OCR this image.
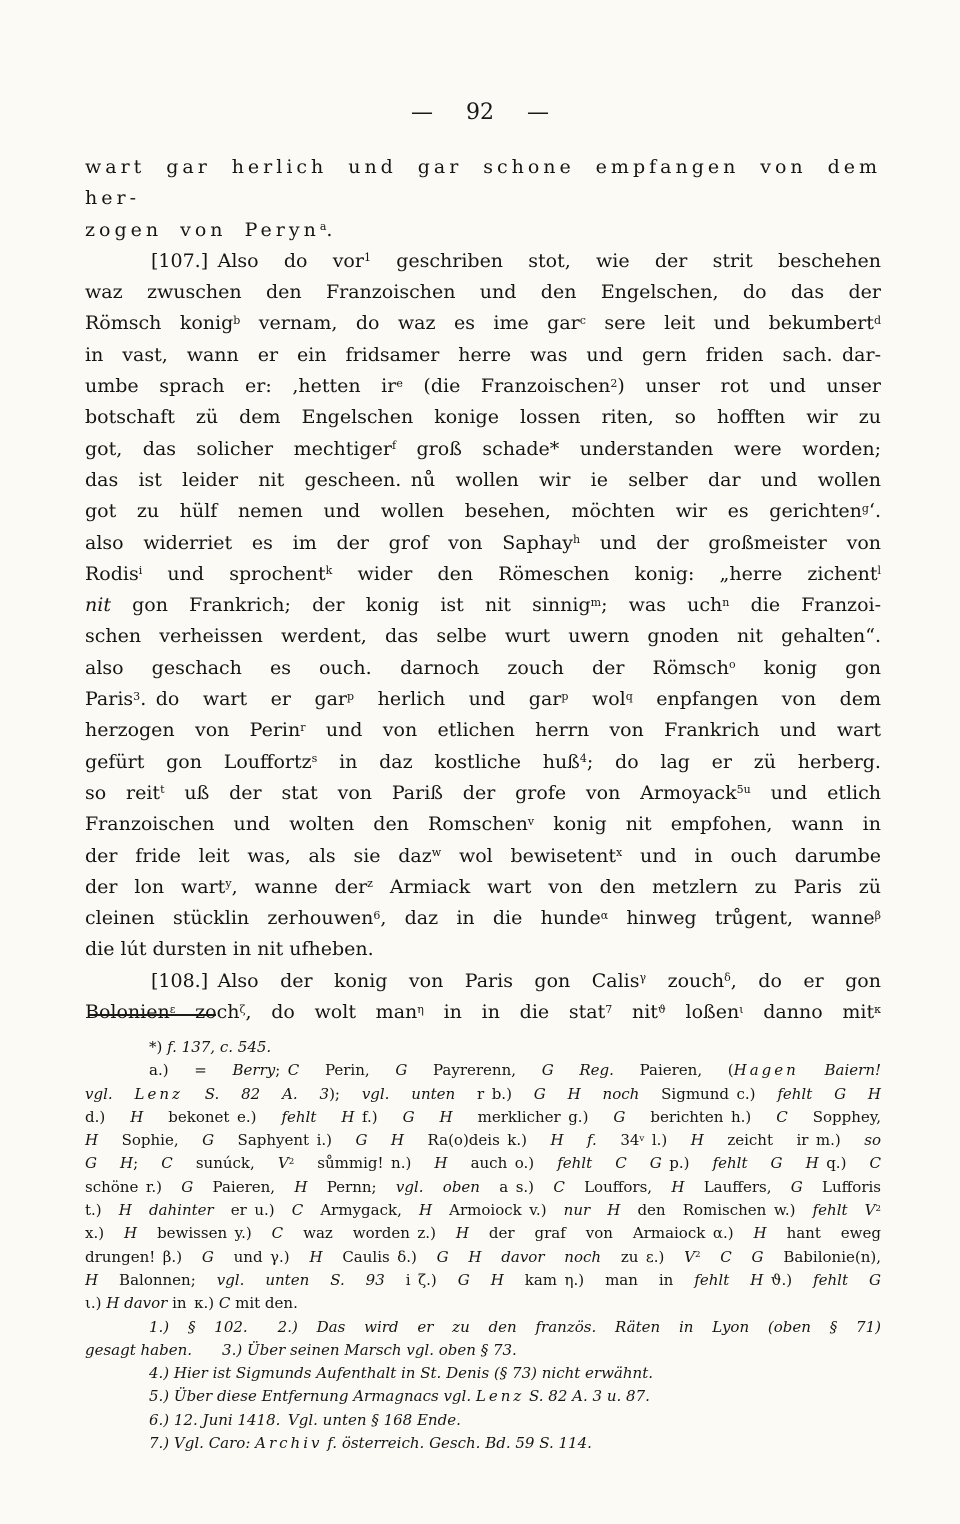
— 92 —
wart gar herlich und gar schone empfangen von dem her-
zogen von Peryn$^a$.
[107.] Also do vor$^1$ geschriben stot, wie der strit beschehen
waz zwuschen den Franzoischen und den Engelschen, do das der
Römsch konig$^b$ vernam, do waz es ime gar$^c$ sere leit und bekumbert$^d$
in vast, wann er ein fridsamer herre was und gern friden sach. dar-
umbe sprach er: ‚hetten $ir^e$ (die Franzoischen$^2$) unser rot und unser
botschaft zü dem Engelschen konige lossen riten, so hofften wir zu
got, das solicher mechtiger$^f$ groß schade* understanden were worden;
das ist leider nit gescheen. nů wollen wir ie selber dar und wollen
got zu hülf nemen und wollen besehen, möchten wir es gerichten$^g$‘.
also widerriet es im der grof von Saphay$^h$ und der großmeister von
Rodis$^i$ und sprochent$^k$ wider den Römeschen konig: „herre zichent$^l$
nit gon Frankrich; der konig ist nit sinnig$^m$; was uch$^n$ die Franzoi-
schen verheissen werdent, das selbe wurt uwern gnoden nit gehalten“.
also geschach es ouch.  darnoch zouch der Römsch$^o$ konig gon
Paris$^3$. do wart er gar$^p$ herlich und gar$^p$ wol$^q$ enpfangen von dem
herzogen von Perin$^r$ und von etlichen herrn von Frankrich und wart
gefürt gon Louffortz$^s$ in daz kostliche huß$^4$; do lag er zü herberg.
so reit$^t$ uß der stat von Pariß der grofe von Armoyack$^{5u}$ und etlich
Franzoischen und wolten den Romschen$^v$ konig nit empfohen, wann in
der fride leit was, als sie daz$^w$ wol bewisetent$^x$ und in ouch darumbe
der lon wart$^y$, wanne der$^z$ Armiack wart von den metzlern zu Paris zü
cleinen stücklin zerhouwen$^6$, daz in die hunde$^\alpha$ hinweg trůgent, wanne$^\beta$
die lút dursten in nit ufheben.
[108.] Also der konig von Paris gon Calis$^\gamma$ zouch$^\delta$, do er gon
Bolonien$^\varepsilon$ zoch$^\zeta$, do wolt man$^\eta$ in in die stat$^7$ nit$^ϑ$ loßen$^\iota$ danno mit$^\kappa$
*) f. 137, c. 545.
a.) = Berry; C Perin, G Payrerenn, G Reg. Paieren, (Hagen Baiern!
vgl. Lenz S. 82 A. 3); vgl. unten r b.) G H noch Sigmund c.) fehlt G H
d.) H bekonet e.) fehlt H f.) G H merklicher g.) G berichten h.) C Sopphey,
H Sophie, G Saphyent i.) G H Ra(o)deis k.) H f. 34$^v$ l.) H zeicht ir m.) so
G H; C sunúck, $V^2$ sůmmig! n.) H auch o.) fehlt C G p.) fehlt G H q.) C
schöne r.) G Paieren, H Pernn; vgl. oben a s.) C Louffors, H Lauffers, G Lufforis
t.) H dahinter er u.) C Armygack, H Armoiock v.) nur H den Romischen w.) fehlt $V^2$
x.) H bewissen y.) C waz worden z.) H der graf von Armaiock α.) H hant eweg
drungen! β.) G und γ.) H Caulis δ.) G H davor noch zu ε.) $V^2$ C G Babilonie(n),
H Balonnen; vgl. unten S. 93 i ζ.) G H kam η.) man in fehlt H ϑ.) fehlt G
ι.) H davor in κ.) C mit den.
1.) § 102.  2.) Das wird er zu den französ. Räten in Lyon (oben § 71)
gesagt haben.  3.) Über seinen Marsch vgl. oben § 73.
4.) Hier ist Sigmunds Aufenthalt in St. Denis (§ 73) nicht erwähnt.
5.) Über diese Entfernung Armagnacs vgl. Lenz S. 82 A. 3 u. 87.
6.) 12. Juni 1418. Vgl. unten § 168 Ende.
7.) Vgl. Caro: Archiv f. österreich. Gesch. Bd. 59 S. 114.
